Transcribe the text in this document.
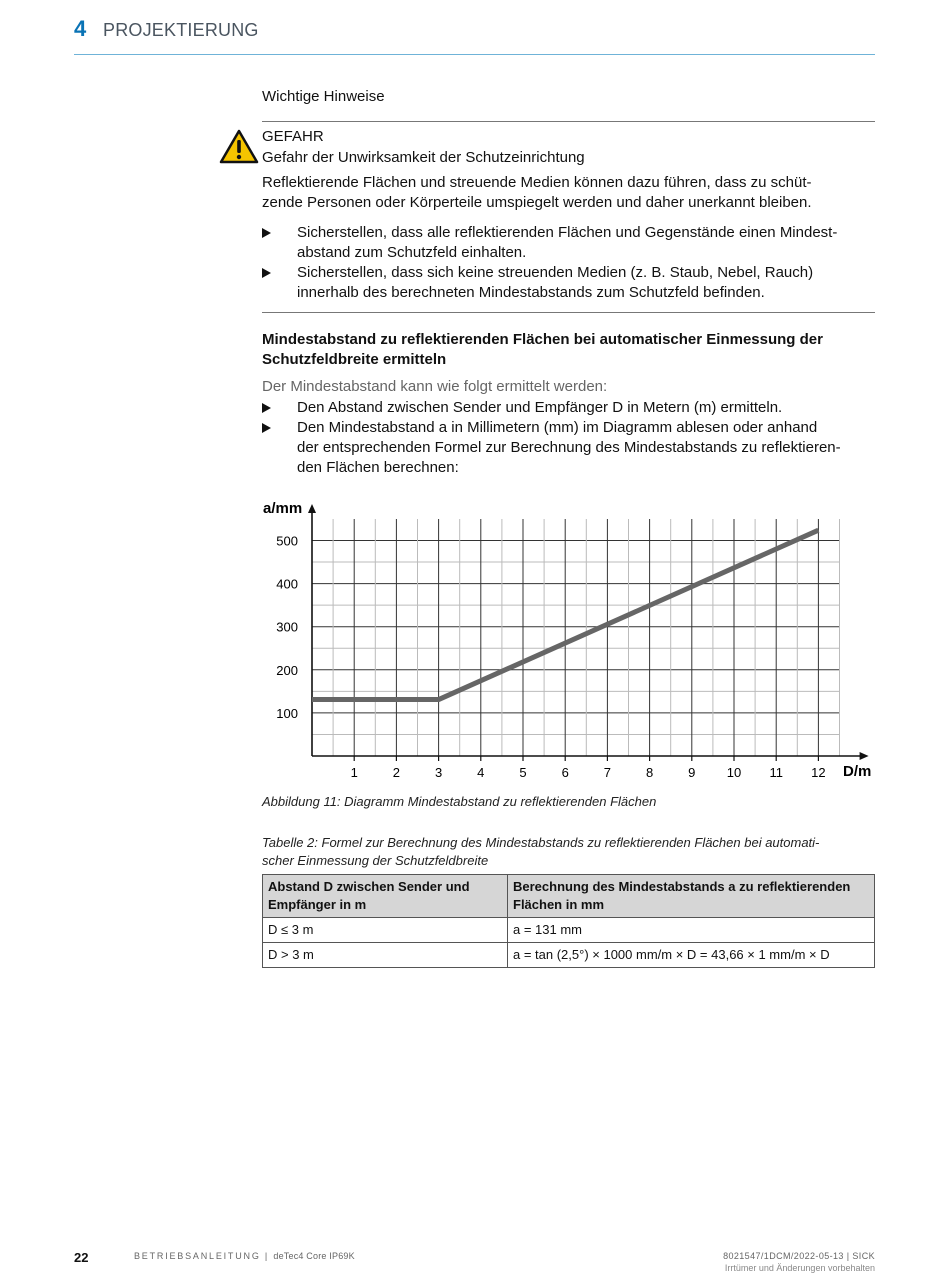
4 PROJEKTIERUNG
Wichtige Hinweise
GEFAHR
Gefahr der Unwirksamkeit der Schutzeinrichtung
Reflektierende Flächen und streuende Medien können dazu führen, dass zu schüt-
zende Personen oder Körperteile umspiegelt werden und daher unerkannt bleiben.
Sicherstellen, dass alle reflektierenden Flächen und Gegenstände einen Mindest-
abstand zum Schutzfeld einhalten.
Sicherstellen, dass sich keine streuenden Medien (z. B. Staub, Nebel, Rauch)
innerhalb des berechneten Mindestabstands zum Schutzfeld befinden.
Mindestabstand zu reflektierenden Flächen bei automatischer Einmessung der
Schutzfeldbreite ermitteln
Der Mindestabstand kann wie folgt ermittelt werden:
Den Abstand zwischen Sender und Empfänger D in Metern (m) ermitteln.
Den Mindestabstand a in Millimetern (mm) im Diagramm ablesen oder anhand
der entsprechenden Formel zur Berechnung des Mindestabstands zu reflektieren-
den Flächen berechnen:
1	2	3	4	5	6	7	8	9 10 11 12
100
200
300
400
500
a/mm
D/m
Abbildung 11: Diagramm Mindestabstand zu reflektierenden Flächen
Tabelle 2: Formel zur Berechnung des Mindestabstands zu reflektierenden Flächen bei automati-
scher Einmessung der Schutzfeldbreite
Abstand D zwischen Sender und Empfänger in m	Berechnung des Mindestabstands a zu reflektierenden Flächen in mm
D ≤ 3 m	a = 131 mm
D > 3 m	a = tan (2,5°) × 1000 mm/m × D = 43,66 × 1 mm/m × D
22	BETRIEBSANLEITUNG | deTec4 Core IP69K	8021547/1DCM/2022-05-13 | SICK
Irrtümer und Änderungen vorbehalten
